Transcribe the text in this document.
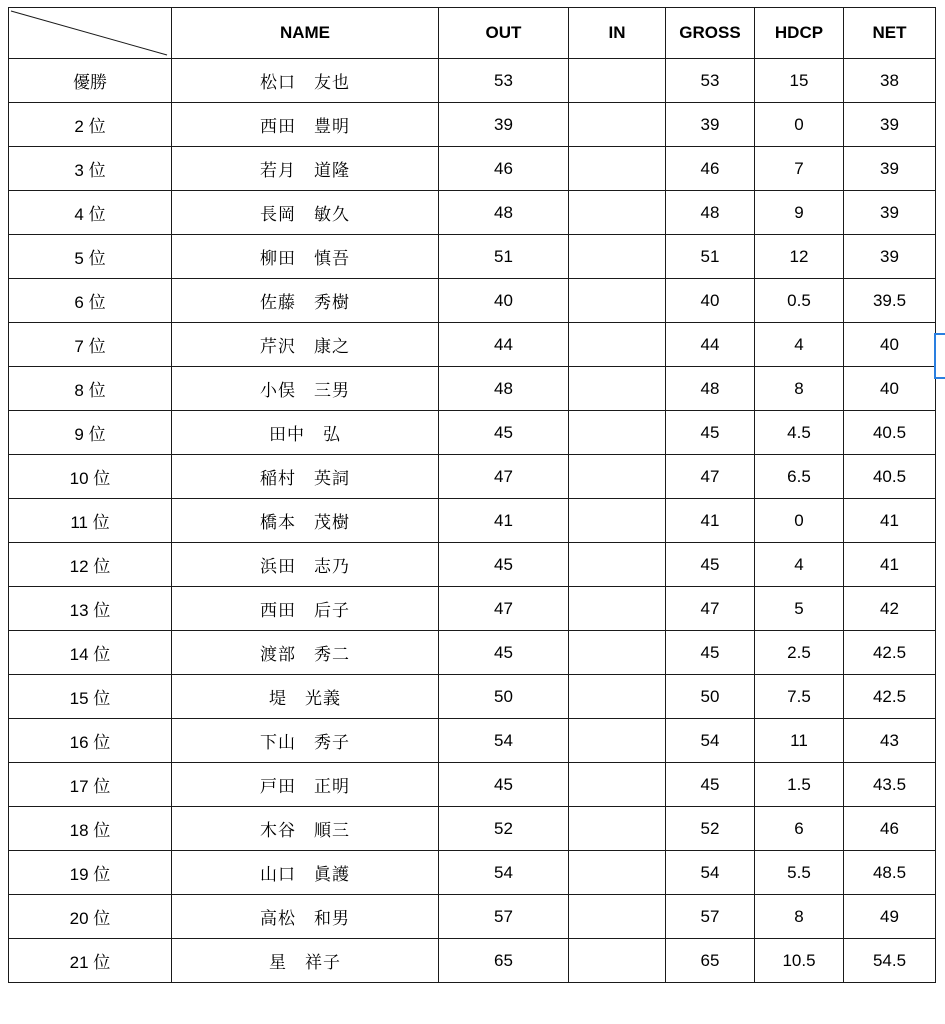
	NAME	OUT	IN	GROSS	HDCP	NET
優勝	松口　友也	53		53	15	38
2 位	西田　豊明	39		39	0	39
3 位	若月　道隆	46		46	7	39
4 位	長岡　敏久	48		48	9	39
5 位	柳田　慎吾	51		51	12	39
6 位	佐藤　秀樹	40		40	0.5	39.5
7 位	芹沢　康之	44		44	4	40
8 位	小俣　三男	48		48	8	40
9 位	田中　弘	45		45	4.5	40.5
10 位	稲村　英詞	47		47	6.5	40.5
11 位	橋本　茂樹	41		41	0	41
12 位	浜田　志乃	45		45	4	41
13 位	西田　后子	47		47	5	42
14 位	渡部　秀二	45		45	2.5	42.5
15 位	堤　光義	50		50	7.5	42.5
16 位	下山　秀子	54		54	11	43
17 位	戸田　正明	45		45	1.5	43.5
18 位	木谷　順三	52		52	6	46
19 位	山口　眞護	54		54	5.5	48.5
20 位	高松　和男	57		57	8	49
21 位	星　祥子	65		65	10.5	54.5
